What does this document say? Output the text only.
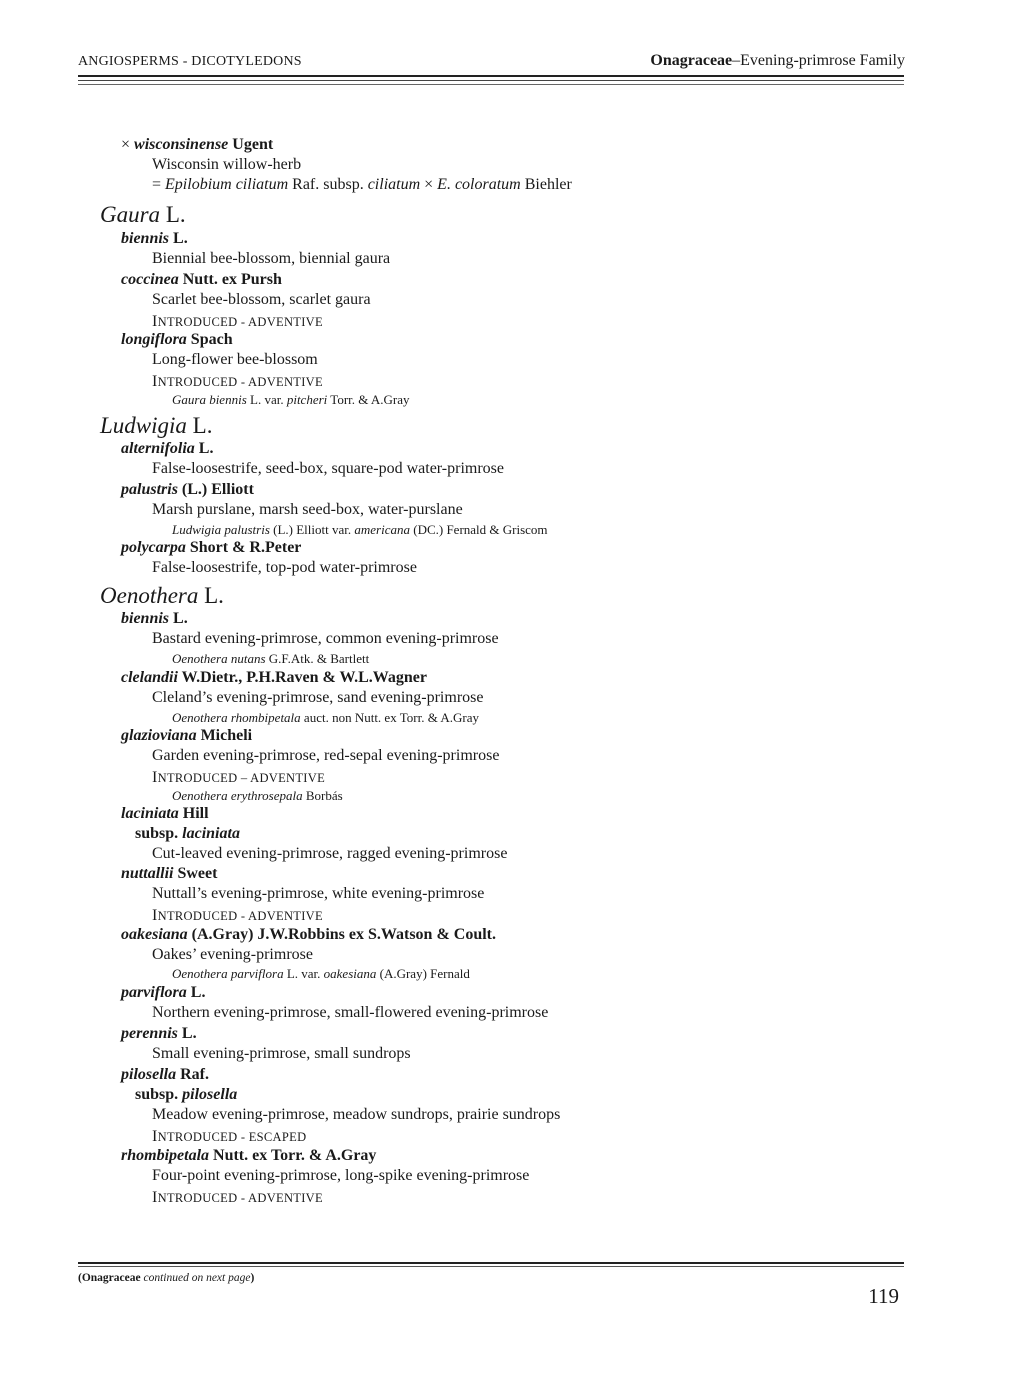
ANGIOSPERMS - DICOTYLEDONS	Onagraceae–Evening-primrose Family
× wisconsinense Ugent
Wisconsin willow-herb
= Epilobium ciliatum Raf. subsp. ciliatum × E. coloratum Biehler
Gaura L.
biennis L.
Biennial bee-blossom, biennial gaura
coccinea Nutt. ex Pursh
Scarlet bee-blossom, scarlet gaura
INTRODUCED - ADVENTIVE
longiflora Spach
Long-flower bee-blossom
INTRODUCED - ADVENTIVE
Gaura biennis L. var. pitcheri Torr. & A.Gray
Ludwigia L.
alternifolia L.
False-loosestrife, seed-box, square-pod water-primrose
palustris (L.) Elliott
Marsh purslane, marsh seed-box, water-purslane
Ludwigia palustris (L.) Elliott var. americana (DC.) Fernald & Griscom
polycarpa Short & R.Peter
False-loosestrife, top-pod water-primrose
Oenothera L.
biennis L.
Bastard evening-primrose, common evening-primrose
Oenothera nutans G.F.Atk. & Bartlett
clelandii W.Dietr., P.H.Raven & W.L.Wagner
Cleland’s evening-primrose, sand evening-primrose
Oenothera rhombipetala auct. non Nutt. ex Torr. & A.Gray
glazioviana Micheli
Garden evening-primrose, red-sepal evening-primrose
INTRODUCED – ADVENTIVE
Oenothera erythrosepala Borbás
laciniata Hill
subsp. laciniata
Cut-leaved evening-primrose, ragged evening-primrose
nuttallii Sweet
Nuttall’s evening-primrose, white evening-primrose
INTRODUCED - ADVENTIVE
oakesiana (A.Gray) J.W.Robbins ex S.Watson & Coult.
Oakes’ evening-primrose
Oenothera parviflora L. var. oakesiana (A.Gray) Fernald
parviflora L.
Northern evening-primrose, small-flowered evening-primrose
perennis L.
Small evening-primrose, small sundrops
pilosella Raf.
subsp. pilosella
Meadow evening-primrose, meadow sundrops, prairie sundrops
INTRODUCED - ESCAPED
rhombipetala Nutt. ex Torr. & A.Gray
Four-point evening-primrose, long-spike evening-primrose
INTRODUCED - ADVENTIVE
(Onagraceae continued on next page)
119
